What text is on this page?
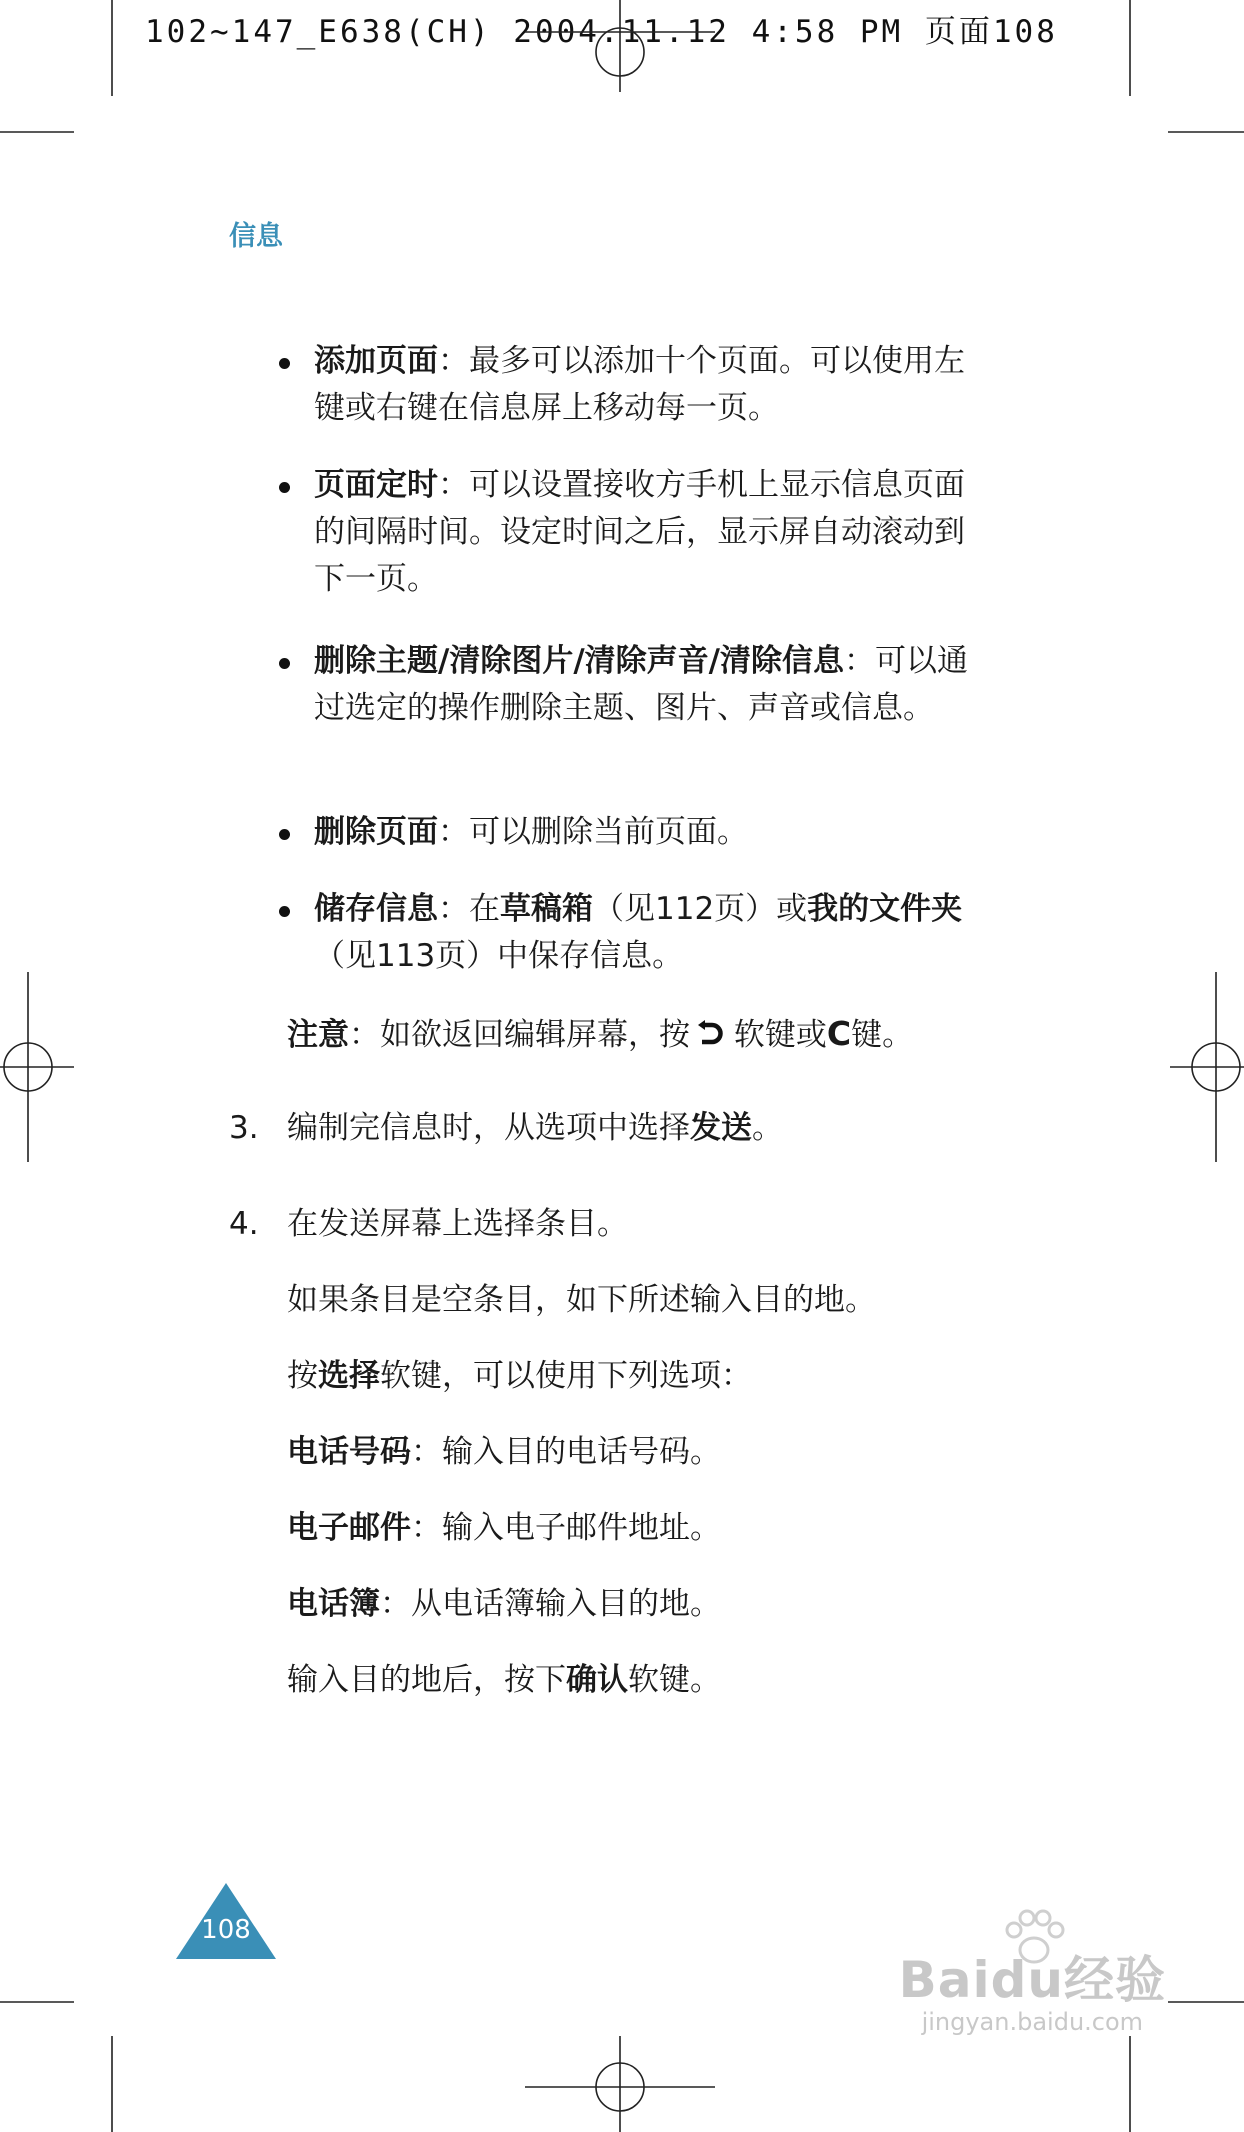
102~147_E638(CH) 2004.11.12 4:58 PM 页面108
信息
添加页面：最多可以添加十个页面。可以使用左键或右键在信息屏上移动每一页。
页面定时：可以设置接收方手机上显示信息页面的间隔时间。设定时间之后，显示屏自动滚动到下一页。
删除主题/清除图片/清除声音/清除信息：可以通过选定的操作删除主题、图片、声音或信息。
删除页面：可以删除当前页面。
储存信息：在草稿箱（见112页）或我的文件夹（见113页）中保存信息。
注意：如欲返回编辑屏幕，按 软键或C键。
3. 编制完信息时，从选项中选择发送。
4. 在发送屏幕上选择条目。
如果条目是空条目，如下所述输入目的地。
按选择软键，可以使用下列选项：
电话号码：输入目的电话号码。
电子邮件：输入电子邮件地址。
电话簿：从电话簿输入目的地。
输入目的地后，按下确认软键。
108
Baidu经验
jingyan.baidu.com
